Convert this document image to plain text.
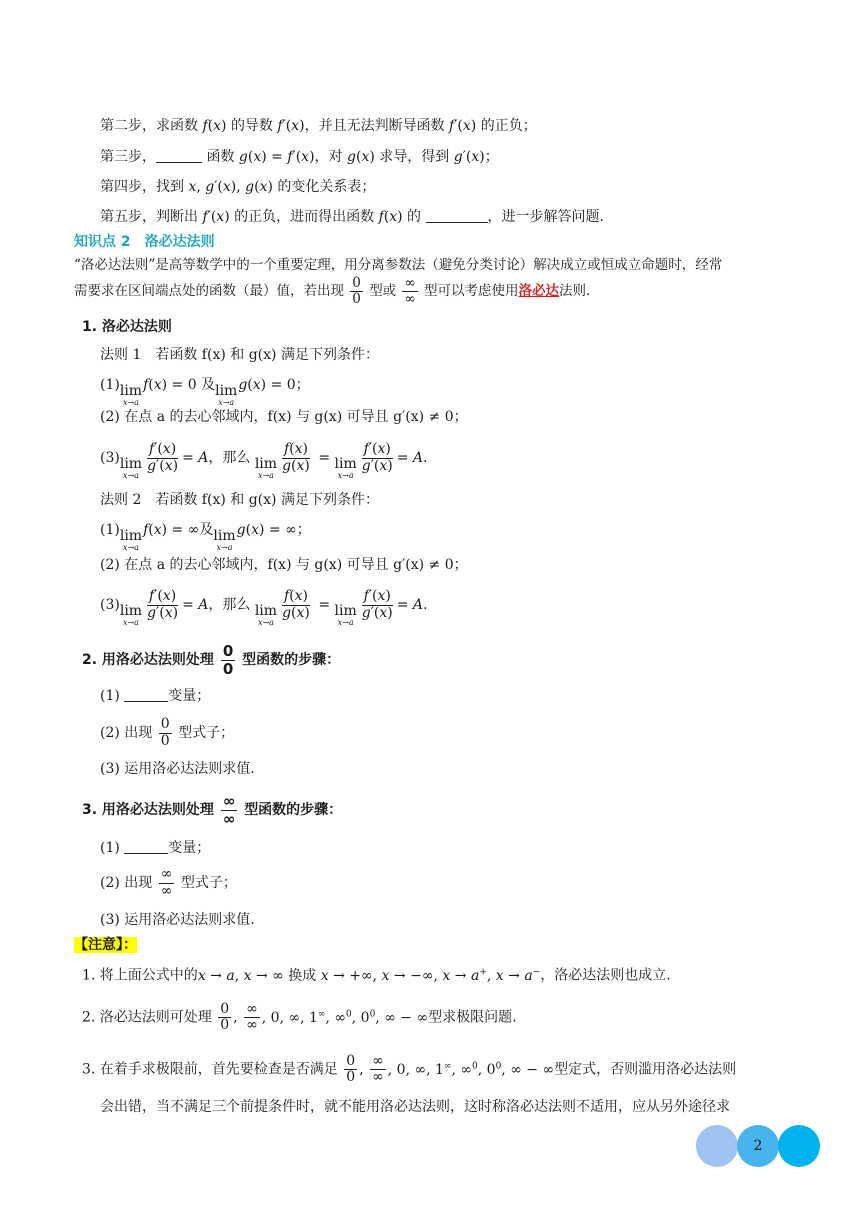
第二步，求函数 f(x) 的导数 f′(x)，并且无法判断导函数 f′(x) 的正负；
第三步，	函数 g(x) = f′(x)，对 g(x) 求导，得到 g′(x)；
第四步，找到 x, g′(x), g(x) 的变化关系表；
第五步，判断出 f′(x) 的正负，进而得出函数 f(x) 的	，进一步解答问题.
知识点 2　洛必达法则
“洛必达法则”是高等数学中的一个重要定理，用分离参数法（避免分类讨论）解决成立或恒成立命题时，经常
需要求在区间端点处的函数（最）值，若出现 $\frac{0}{0}$ 型或 $\frac{\infty}{\infty}$ 型可以考虑使用洛必达法则.
1. 洛必达法则
法则 1　若函数 f(x) 和 g(x) 满足下列条件：
(1) lim
x→a
f(x) = 0 及 lim
x→a
g(x) = 0；
(2) 在点 a 的去心邻域内，f(x) 与 g(x) 可导且 g′(x) ≠ 0；
(3) lim
x→a
$\frac{f'(x)}{g'(x)} = A$，那么 lim
x→a
$\frac{f(x)}{g(x)} = \lim$
x→a
$\frac{f'(x)}{g'(x)} = A$.
法则 2　若函数 f(x) 和 g(x) 满足下列条件：
(1) lim
x→a
f(x) = ∞及 lim
x→a
g(x) = ∞；
(2) 在点 a 的去心邻域内，f(x) 与 g(x) 可导且 g′(x) ≠ 0；
(3) lim
x→a
$\frac{f'(x)}{g'(x)} = A$，那么 lim
x→a
$\frac{f(x)}{g(x)} = \lim$
x→a
$\frac{f'(x)}{g'(x)} = A$.
2. 用洛必达法则处理 $\frac{0}{0}$ 型函数的步骤：
(1)	变量；
(2) 出现 $\frac{0}{0}$ 型式子；
(3) 运用洛必达法则求值.
3. 用洛必达法则处理 $\frac{\infty}{\infty}$ 型函数的步骤：
(1)	变量；
(2) 出现 $\frac{\infty}{\infty}$ 型式子；
(3) 运用洛必达法则求值.
【注意】：
1. 将上面公式中的x → a, x → ∞ 换成 x → +∞, x → −∞, x → a+, x → a−，洛必达法则也成立.
2. 洛必达法则可处理 $\frac{0}{0}$ , $\frac{\infty}{\infty}$ , 0, ∞, 1∞, ∞$^0$, $0^0$, ∞ − ∞型求极限问题.
3. 在着手求极限前，首先要检查是否满足 $\frac{0}{0}$ , $\frac{\infty}{\infty}$ , 0, ∞, 1∞, ∞$^0$, $0^0$, ∞ − ∞型定式，否则滥用洛必达法则
会出错，当不满足三个前提条件时，就不能用洛必达法则，这时称洛必达法则不适用，应从另外途径求
2
